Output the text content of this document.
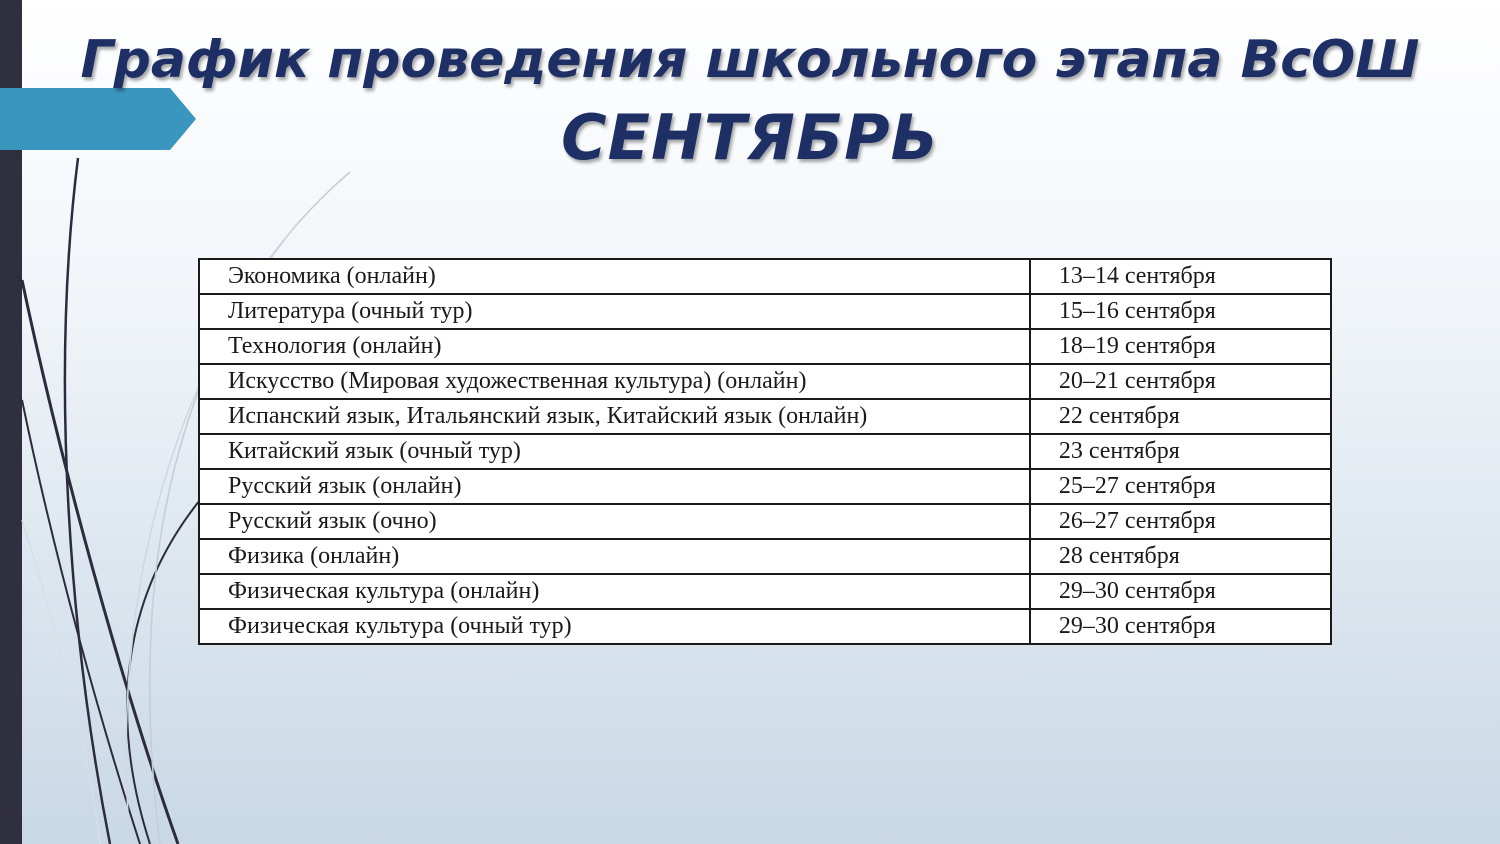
График проведения школьного этапа ВсОШ
СЕНТЯБРЬ
Экономика (онлайн)	13–14 сентября
Литература (очный тур)	15–16 сентября
Технология (онлайн)	18–19 сентября
Искусство (Мировая художественная культура) (онлайн)	20–21 сентября
Испанский язык, Итальянский язык, Китайский язык (онлайн)	22 сентября
Китайский язык (очный тур)	23 сентября
Русский язык (онлайн)	25–27 сентября
Русский язык (очно)	26–27 сентября
Физика (онлайн)	28 сентября
Физическая культура (онлайн)	29–30 сентября
Физическая культура (очный тур)	29–30 сентября
